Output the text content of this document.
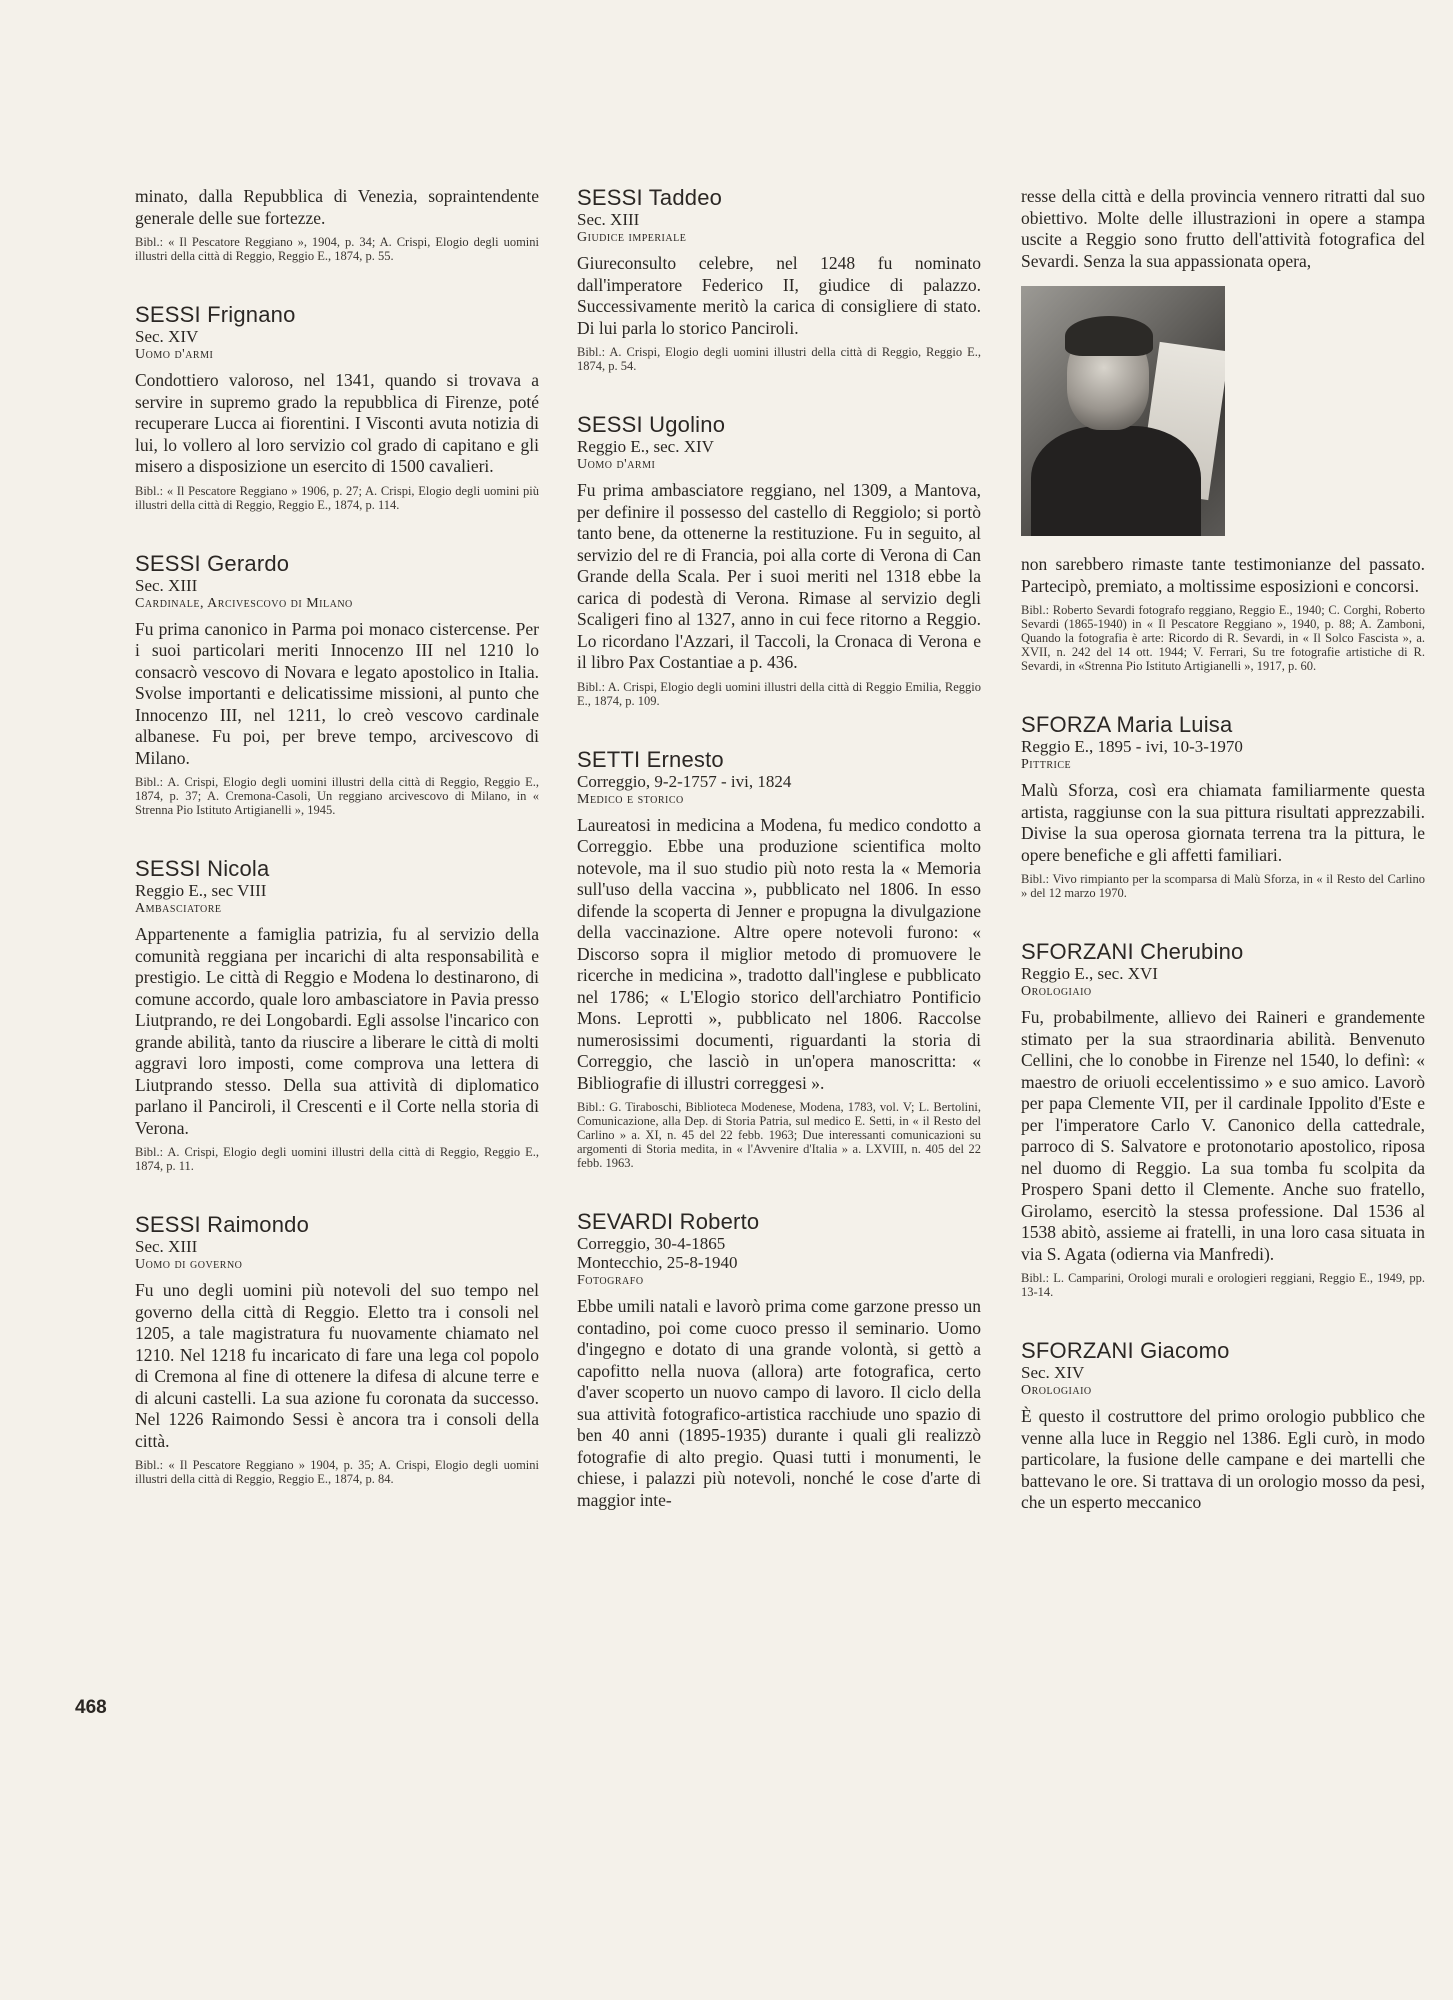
minato, dalla Repubblica di Venezia, sopraintendente generale delle sue fortezze.

Bibl.: « Il Pescatore Reggiano », 1904, p. 34; A. Crispi, Elogio degli uomini illustri della città di Reggio, Reggio E., 1874, p. 55.

SESSI Frignano

Sec. XIV

Uomo d'armi

Condottiero valoroso, nel 1341, quando si trovava a servire in supremo grado la repubblica di Firenze, poté recuperare Lucca ai fiorentini. I Visconti avuta notizia di lui, lo vollero al loro servizio col grado di capitano e gli misero a disposizione un esercito di 1500 cavalieri.

Bibl.: « Il Pescatore Reggiano » 1906, p. 27; A. Crispi, Elogio degli uomini più illustri della città di Reggio, Reggio E., 1874, p. 114.

SESSI Gerardo

Sec. XIII

Cardinale, Arcivescovo di Milano

Fu prima canonico in Parma poi monaco cistercense. Per i suoi particolari meriti Innocenzo III nel 1210 lo consacrò vescovo di Novara e legato apostolico in Italia. Svolse importanti e delicatissime missioni, al punto che Innocenzo III, nel 1211, lo creò vescovo cardinale albanese. Fu poi, per breve tempo, arcivescovo di Milano.

Bibl.: A. Crispi, Elogio degli uomini illustri della città di Reggio, Reggio E., 1874, p. 37; A. Cremona-Casoli, Un reggiano arcivescovo di Milano, in « Strenna Pio Istituto Artigianelli », 1945.

SESSI Nicola

Reggio E., sec VIII

Ambasciatore

Appartenente a famiglia patrizia, fu al servizio della comunità reggiana per incarichi di alta responsabilità e prestigio. Le città di Reggio e Modena lo destinarono, di comune accordo, quale loro ambasciatore in Pavia presso Liutprando, re dei Longobardi. Egli assolse l'incarico con grande abilità, tanto da riuscire a liberare le città di molti aggravi loro imposti, come comprova una lettera di Liutprando stesso. Della sua attività di diplomatico parlano il Panciroli, il Crescenti e il Corte nella storia di Verona.

Bibl.: A. Crispi, Elogio degli uomini illustri della città di Reggio, Reggio E., 1874, p. 11.

SESSI Raimondo

Sec. XIII

Uomo di governo

Fu uno degli uomini più notevoli del suo tempo nel governo della città di Reggio. Eletto tra i consoli nel 1205, a tale magistratura fu nuovamente chiamato nel 1210. Nel 1218 fu incaricato di fare una lega col popolo di Cremona al fine di ottenere la difesa di alcune terre e di alcuni castelli. La sua azione fu coronata da successo. Nel 1226 Raimondo Sessi è ancora tra i consoli della città.

Bibl.: « Il Pescatore Reggiano » 1904, p. 35; A. Crispi, Elogio degli uomini illustri della città di Reggio, Reggio E., 1874, p. 84.

SESSI Taddeo

Sec. XIII

Giudice imperiale

Giureconsulto celebre, nel 1248 fu nominato dall'imperatore Federico II, giudice di palazzo. Successivamente meritò la carica di consigliere di stato. Di lui parla lo storico Panciroli.

Bibl.: A. Crispi, Elogio degli uomini illustri della città di Reggio, Reggio E., 1874, p. 54.

SESSI Ugolino

Reggio E., sec. XIV

Uomo d'armi

Fu prima ambasciatore reggiano, nel 1309, a Mantova, per definire il possesso del castello di Reggiolo; si portò tanto bene, da ottenerne la restituzione. Fu in seguito, al servizio del re di Francia, poi alla corte di Verona di Can Grande della Scala. Per i suoi meriti nel 1318 ebbe la carica di podestà di Verona. Rimase al servizio degli Scaligeri fino al 1327, anno in cui fece ritorno a Reggio. Lo ricordano l'Azzari, il Taccoli, la Cronaca di Verona e il libro Pax Costantiae a p. 436.

Bibl.: A. Crispi, Elogio degli uomini illustri della città di Reggio Emilia, Reggio E., 1874, p. 109.

SETTI Ernesto

Correggio, 9-2-1757 - ivi, 1824

Medico e storico

Laureatosi in medicina a Modena, fu medico condotto a Correggio. Ebbe una produzione scientifica molto notevole, ma il suo studio più noto resta la « Memoria sull'uso della vaccina », pubblicato nel 1806. In esso difende la scoperta di Jenner e propugna la divulgazione della vaccinazione. Altre opere notevoli furono: « Discorso sopra il miglior metodo di promuovere le ricerche in medicina », tradotto dall'inglese e pubblicato nel 1786; « L'Elogio storico dell'archiatro Pontificio Mons. Leprotti », pubblicato nel 1806. Raccolse numerosissimi documenti, riguardanti la storia di Correggio, che lasciò in un'opera manoscritta: « Bibliografie di illustri correggesi ».

Bibl.: G. Tiraboschi, Biblioteca Modenese, Modena, 1783, vol. V; L. Bertolini, Comunicazione, alla Dep. di Storia Patria, sul medico E. Setti, in « il Resto del Carlino » a. XI, n. 45 del 22 febb. 1963; Due interessanti comunicazioni su argomenti di Storia medita, in « l'Avvenire d'Italia » a. LXVIII, n. 405 del 22 febb. 1963.

SEVARDI Roberto

Correggio, 30-4-1865

Montecchio, 25-8-1940

Fotografo

Ebbe umili natali e lavorò prima come garzone presso un contadino, poi come cuoco presso il seminario. Uomo d'ingegno e dotato di una grande volontà, si gettò a capofitto nella nuova (allora) arte fotografica, certo d'aver scoperto un nuovo campo di lavoro. Il ciclo della sua attività fotografico-artistica racchiude uno spazio di ben 40 anni (1895-1935) durante i quali gli realizzò fotografie di alto pregio. Quasi tutti i monumenti, le chiese, i palazzi più notevoli, nonché le cose d'arte di maggior inte-

resse della città e della provincia vennero ritratti dal suo obiettivo. Molte delle illustrazioni in opere a stampa uscite a Reggio sono frutto dell'attività fotografica del Sevardi. Senza la sua appassionata opera,

non sarebbero rimaste tante testimonianze del passato. Partecipò, premiato, a moltissime esposizioni e concorsi.

Bibl.: Roberto Sevardi fotografo reggiano, Reggio E., 1940; C. Corghi, Roberto Sevardi (1865-1940) in « Il Pescatore Reggiano », 1940, p. 88; A. Zamboni, Quando la fotografia è arte: Ricordo di R. Sevardi, in « Il Solco Fascista », a. XVII, n. 242 del 14 ott. 1944; V. Ferrari, Su tre fotografie artistiche di R. Sevardi, in «Strenna Pio Istituto Artigianelli », 1917, p. 60.

SFORZA Maria Luisa

Reggio E., 1895 - ivi, 10-3-1970

Pittrice

Malù Sforza, così era chiamata familiarmente questa artista, raggiunse con la sua pittura risultati apprezzabili. Divise la sua operosa giornata terrena tra la pittura, le opere benefiche e gli affetti familiari.

Bibl.: Vivo rimpianto per la scomparsa di Malù Sforza, in « il Resto del Carlino » del 12 marzo 1970.

SFORZANI Cherubino

Reggio E., sec. XVI

Orologiaio

Fu, probabilmente, allievo dei Raineri e grandemente stimato per la sua straordinaria abilità. Benvenuto Cellini, che lo conobbe in Firenze nel 1540, lo definì: « maestro de oriuoli eccelentissimo » e suo amico. Lavorò per papa Clemente VII, per il cardinale Ippolito d'Este e per l'imperatore Carlo V. Canonico della cattedrale, parroco di S. Salvatore e protonotario apostolico, riposa nel duomo di Reggio. La sua tomba fu scolpita da Prospero Spani detto il Clemente. Anche suo fratello, Girolamo, esercitò la stessa professione. Dal 1536 al 1538 abitò, assieme ai fratelli, in una loro casa situata in via S. Agata (odierna via Manfredi).

Bibl.: L. Camparini, Orologi murali e orologieri reggiani, Reggio E., 1949, pp. 13-14.

SFORZANI Giacomo

Sec. XIV

Orologiaio

È questo il costruttore del primo orologio pubblico che venne alla luce in Reggio nel 1386. Egli curò, in modo particolare, la fusione delle campane e dei martelli che battevano le ore. Si trattava di un orologio mosso da pesi, che un esperto meccanico

468
